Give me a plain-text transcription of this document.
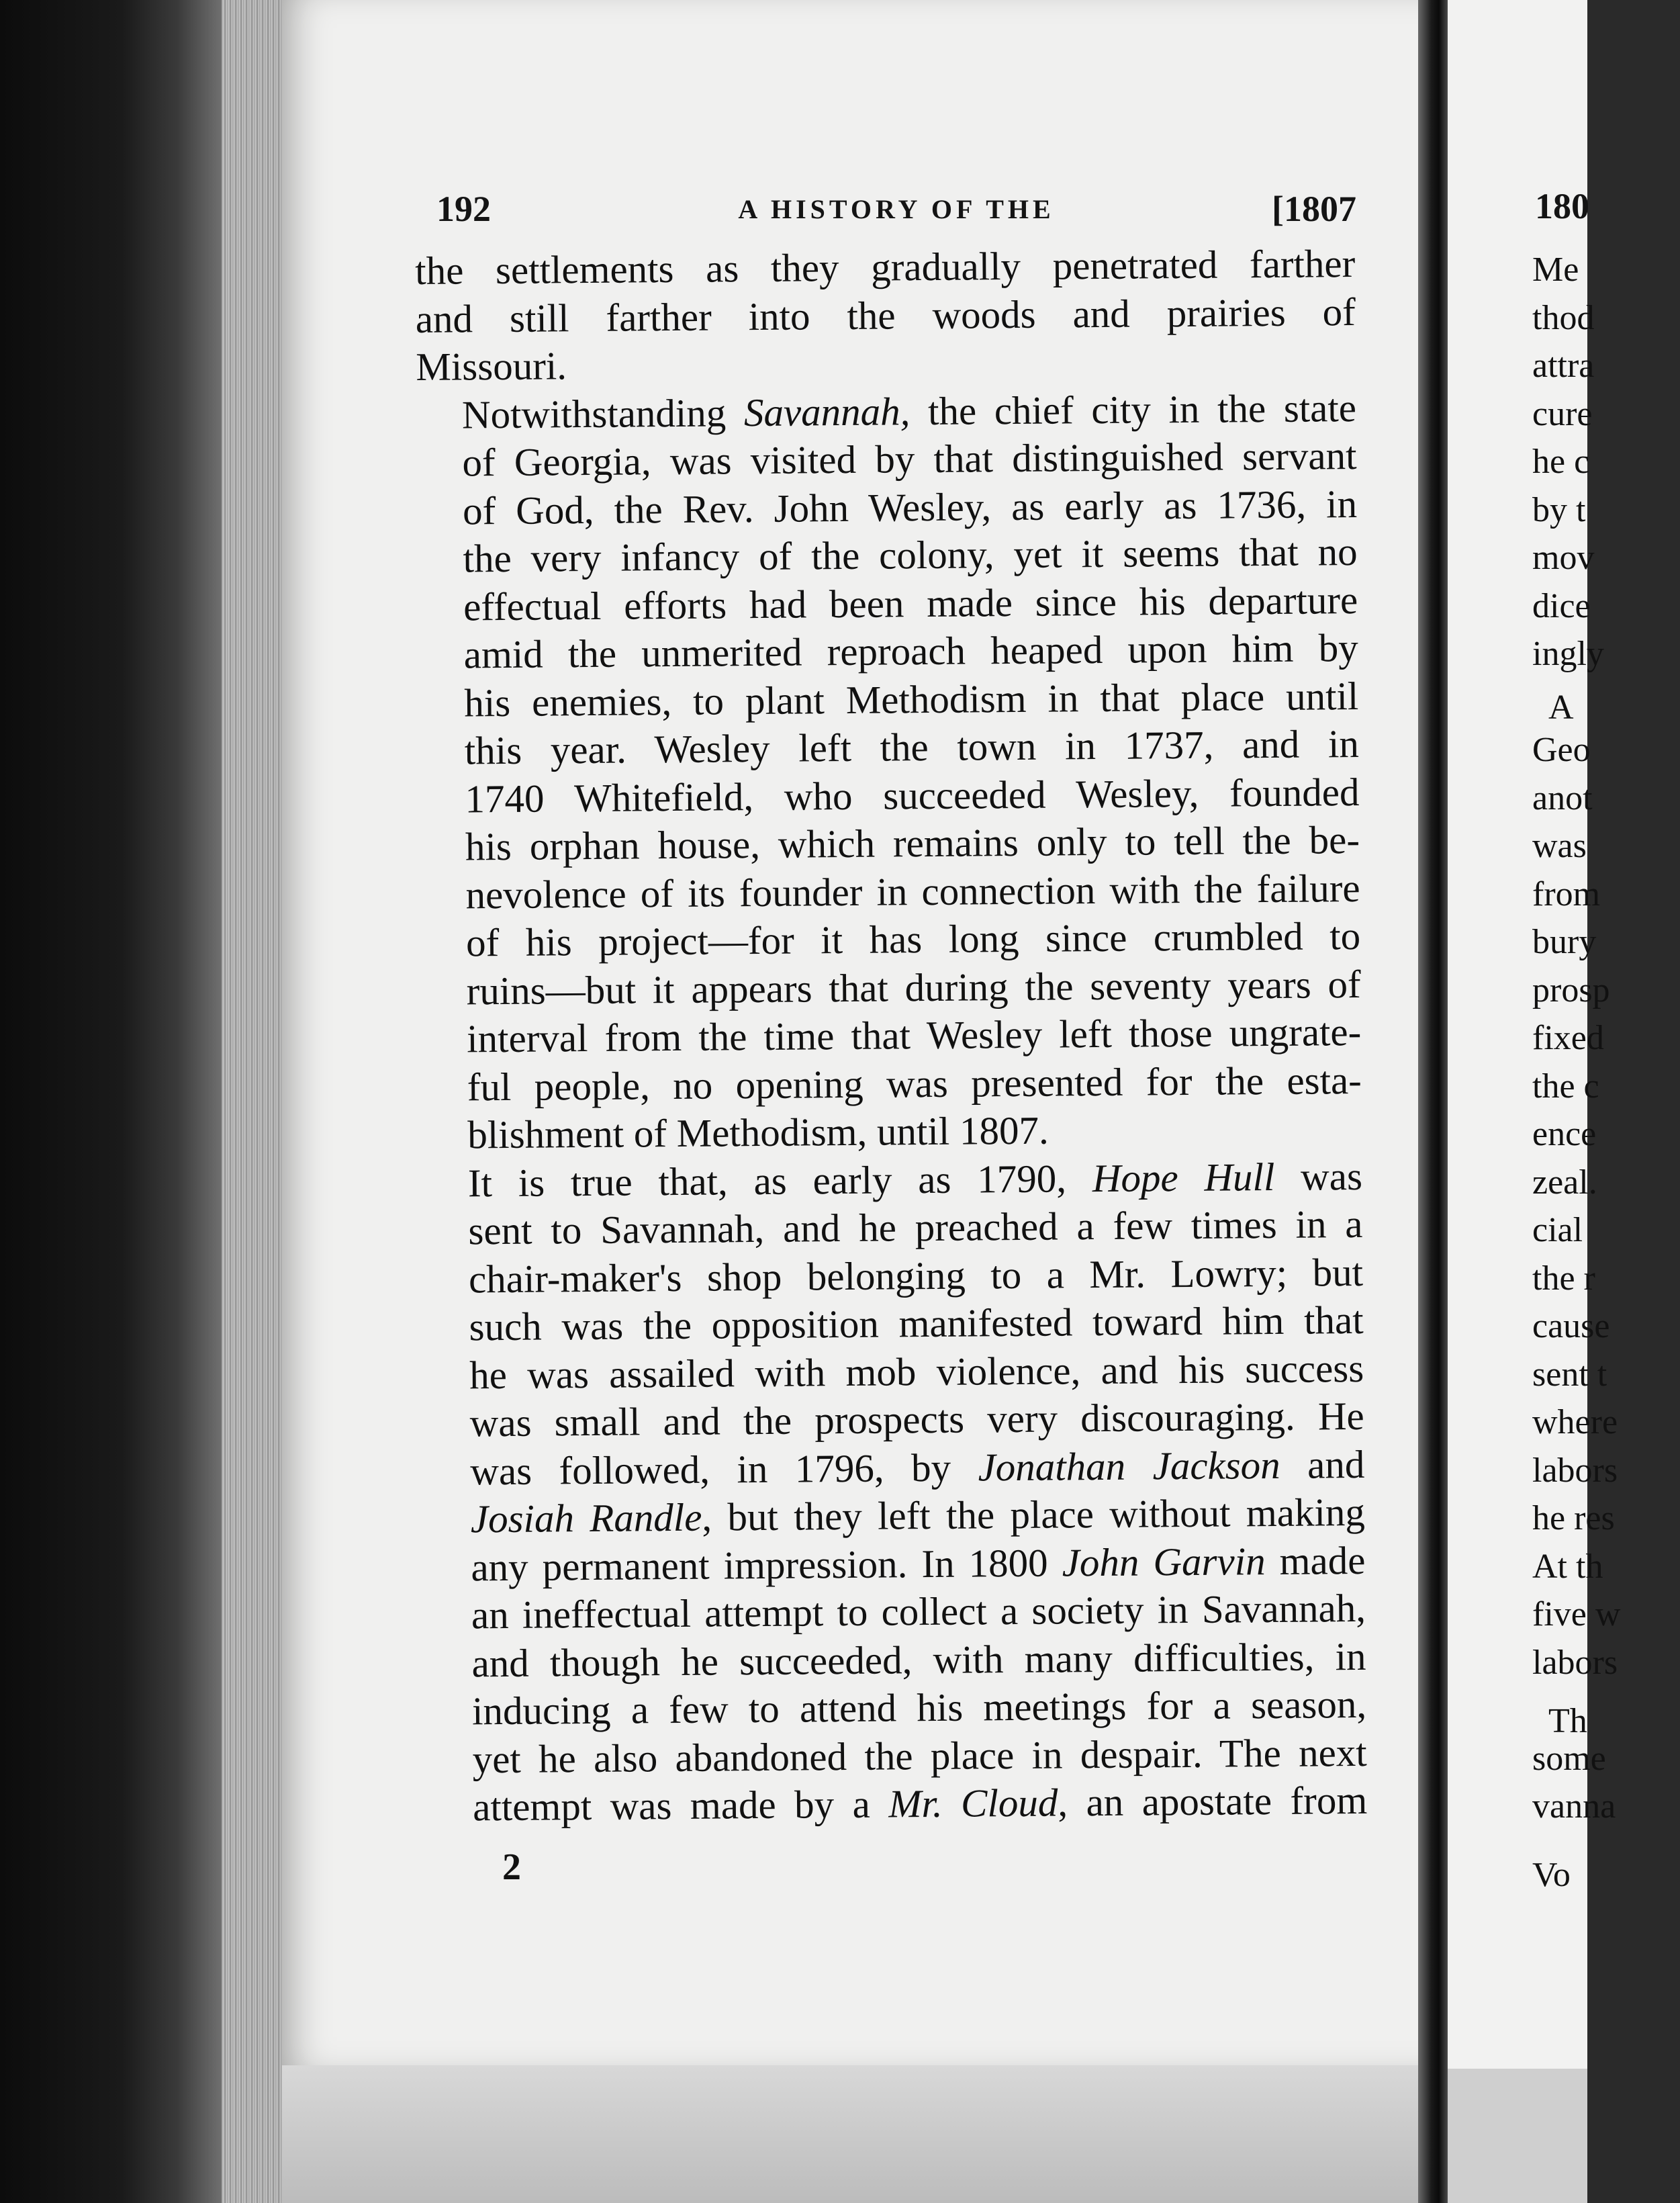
192	A HISTORY OF THE	[1807

the settlements as they gradually penetrated farther
and still farther into the woods and prairies of
Missouri.

Notwithstanding Savannah, the chief city in the state
of Georgia, was visited by that distinguished servant
of God, the Rev. John Wesley, as early as 1736, in
the very infancy of the colony, yet it seems that no
effectual efforts had been made since his departure
amid the unmerited reproach heaped upon him by
his enemies, to plant Methodism in that place until
this year. Wesley left the town in 1737, and in
1740 Whitefield, who succeeded Wesley, founded
his orphan house, which remains only to tell the be-
nevolence of its founder in connection with the failure
of his project—for it has long since crumbled to
ruins—but it appears that during the seventy years of
interval from the time that Wesley left those ungrate-
ful people, no opening was presented for the esta-
blishment of Methodism, until 1807.

It is true that, as early as 1790, Hope Hull was
sent to Savannah, and he preached a few times in a
chair-maker's shop belonging to a Mr. Lowry; but
such was the opposition manifested toward him that
he was assailed with mob violence, and his success
was small and the prospects very discouraging. He
was followed, in 1796, by Jonathan Jackson and
Josiah Randle, but they left the place without making
any permanent impression. In 1800 John Garvin made
an ineffectual attempt to collect a society in Savannah,
and though he succeeded, with many difficulties, in
inducing a few to attend his meetings for a season,
yet he also abandoned the place in despair. The next
attempt was made by a Mr. Cloud, an apostate from

2
180
Me
thod
attra
cure
he c
by t
mov
dice
ingly
A
Geo
anot
was
from
bury
prosp
fixed
the c
ence
zeal.
cial
the r
cause
sent t
where
labors
he res
At th
five w
labors
Th
some
vanna
Vo
